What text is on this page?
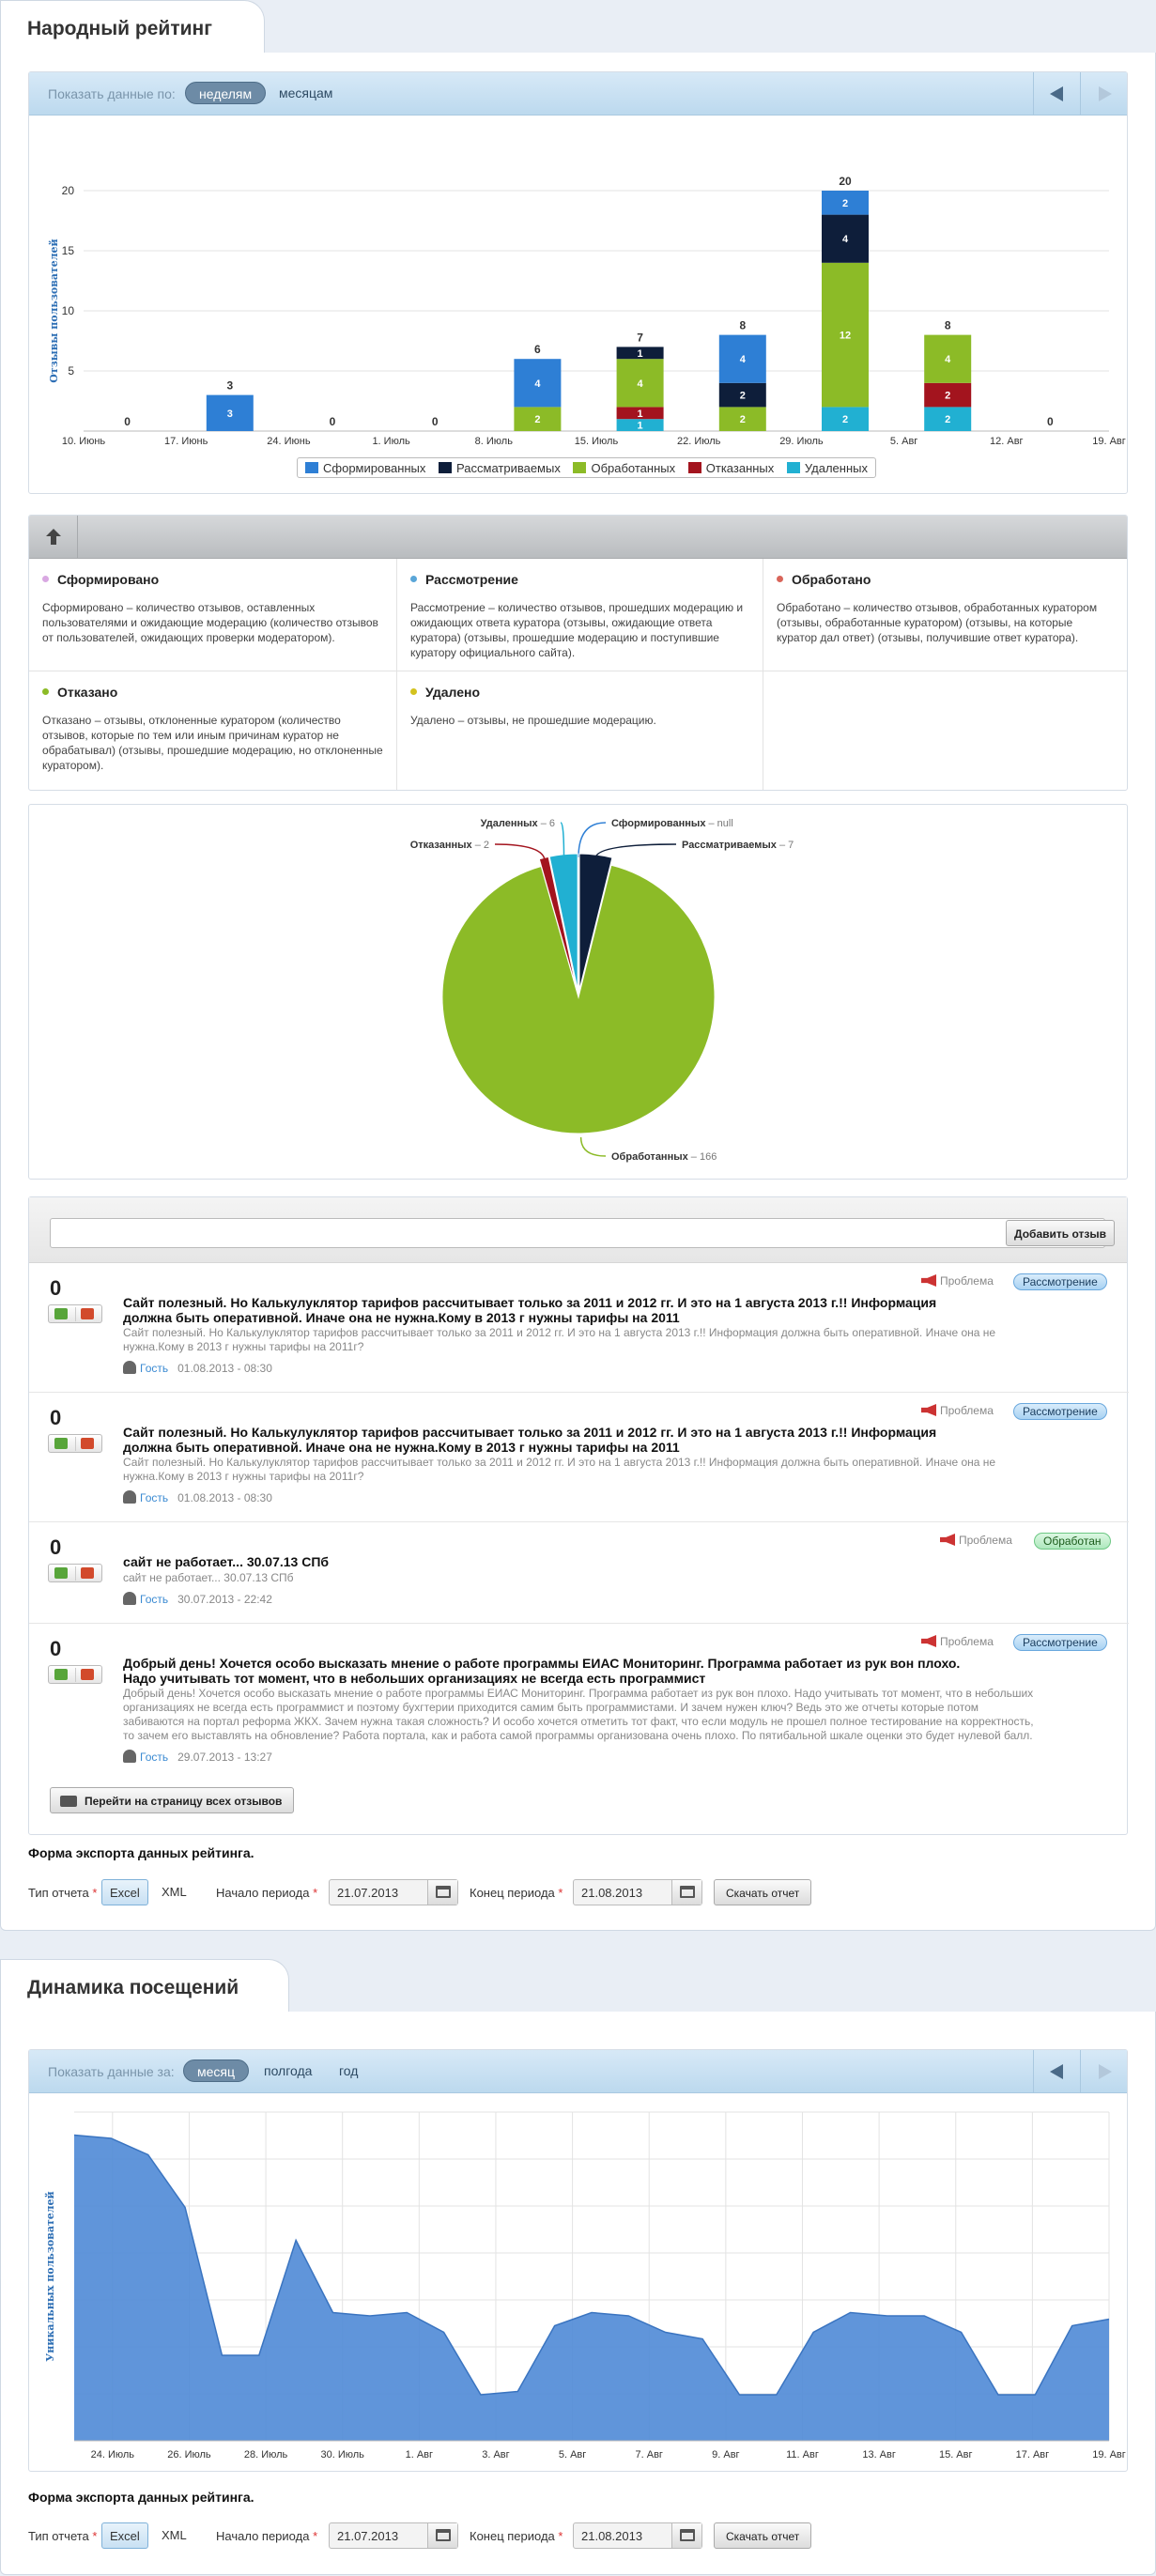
Народный рейтинг
Показать данные по:	неделям	месяцам
5
10
15
20
Отзывы пользователей
10. Июнь
0
17. Июнь
3
3
24. Июнь
0
1. Июль
0
8. Июль
2
4
6
15. Июль
1
1
4
1
7
22. Июль
2
2
4
8
29. Июль
2
12
4
2
20
5. Авг
2
2
4
8
12. Авг
0
19. Авг
Сформированных	Рассматриваемых	Обработанных	Отказанных	Удаленных
Сформировано
Сформировано – количество отзывов, оставленных пользователями и ожидающие модерацию (количество отзывов от пользователей, ожидающих проверки модератором).
Рассмотрение
Рассмотрение – количество отзывов, прошедших модерацию и ожидающих ответа куратора (отзывы, ожидающие ответа куратора) (отзывы, прошедшие модерацию и поступившие куратору официального сайта).
Обработано
Обработано – количество отзывов, обработанных куратором (отзывы, обработанные куратором) (отзывы, на которые куратор дал ответ) (отзывы, получившие ответ куратора).
Отказано
Отказано – отзывы, отклоненные куратором (количество отзывов, которые по тем или иным причинам куратор не обрабатывал) (отзывы, прошедшие модерацию, но отклоненные куратором).
Удалено
Удалено – отзывы, не прошедшие модерацию.
Сформированных – null
Рассматриваемых – 7
Обработанных – 166
Отказанных – 2
Удаленных – 6
Добавить отзыв
0	Проблема	Рассмотрение
Сайт полезный. Но Калькулуклятор тарифов рассчитывает только за 2011 и 2012 гг. И это на 1 августа 2013 г.!! Информация
должна быть оперативной. Иначе она не нужна.Кому в 2013 г нужны тарифы на 2011
Сайт полезный. Но Калькулуклятор тарифов рассчитывает только за 2011 и 2012 гг. И это на 1 августа 2013 г.!! Информация должна быть оперативной. Иначе она не
нужна.Кому в 2013 г нужны тарифы на 2011г?
Гость 01.08.2013 - 08:30
0	Проблема	Рассмотрение
Сайт полезный. Но Калькулуклятор тарифов рассчитывает только за 2011 и 2012 гг. И это на 1 августа 2013 г.!! Информация
должна быть оперативной. Иначе она не нужна.Кому в 2013 г нужны тарифы на 2011
Сайт полезный. Но Калькулуклятор тарифов рассчитывает только за 2011 и 2012 гг. И это на 1 августа 2013 г.!! Информация должна быть оперативной. Иначе она не
нужна.Кому в 2013 г нужны тарифы на 2011г?
Гость 01.08.2013 - 08:30
0	Проблема	Обработан
сайт не работает... 30.07.13 СПб
сайт не работает... 30.07.13 СПб
Гость 30.07.2013 - 22:42
0	Проблема	Рассмотрение
Добрый день! Хочется особо высказать мнение о работе программы ЕИАС Мониторинг. Программа работает из рук вон плохо.
Надо учитывать тот момент, что в небольших организациях не всегда есть программист
Добрый день! Хочется особо высказать мнение о работе программы ЕИАС Мониторинг. Программа работает из рук вон плохо. Надо учитывать тот момент, что в небольших
организациях не всегда есть программист и поэтому бухгтерии приходится самим быть программистами. И зачем нужен ключ? Ведь это же отчеты которые потом
забиваются на портал реформа ЖКХ. Зачем нужна такая сложность? И особо хочется отметить тот факт, что если модуль не прошел полное тестирование на корректность,
то зачем его выставлять на обновление? Работа портала, как и работа самой программы организована очень плохо. По пятибальной шкале оценки это будет нулевой балл.
Гость 29.07.2013 - 13:27
Перейти на страницу всех отзывов
Форма экспорта данных рейтинга.
Тип отчета *	Excel	XML	Начало периода *	21.07.2013	Конец периода *	21.08.2013	Скачать отчет
Динамика посещений
Показать данные за:	месяц	полгода	год
24. Июль	26. Июль	28. Июль	30. Июль	1. Авг	3. Авг	5. Авг	7. Авг	9. Авг	11. Авг	13. Авг	15. Авг	17. Авг	19. Авг
Уникальных пользователей
Форма экспорта данных рейтинга.
Тип отчета *	Excel	XML	Начало периода *	21.07.2013	Конец периода *	21.08.2013	Скачать отчет
